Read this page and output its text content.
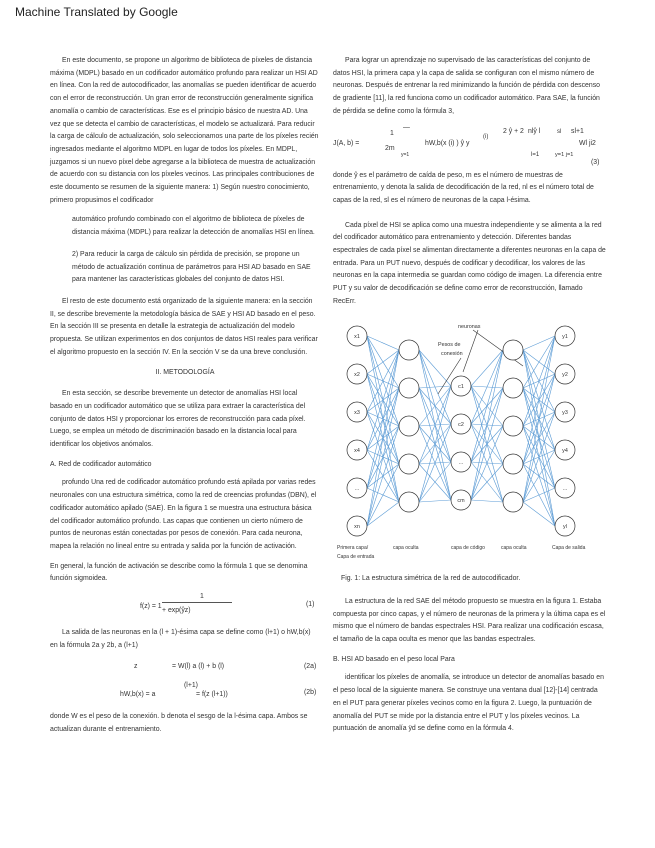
Machine Translated by Google

En este documento, se propone un algoritmo de biblioteca de píxeles de distancia máxima (MDPL) basado en un codificador automático profundo para realizar un HSI AD en línea. Con la red de autocodificador, las anomalías se pueden identificar de acuerdo con el error de reconstrucción. Un gran error de reconstrucción generalmente significa anomalía o cambio de características. Ese es el principio básico de nuestra AD. Una vez que se detecta el cambio de características, el modelo se actualizará. Para reducir la carga de cálculo de actualización, solo seleccionamos una parte de los píxeles recién ingresados mediante el algoritmo MDPL en lugar de todos los píxeles. En MDPL, juzgamos si un nuevo píxel debe agregarse a la biblioteca de muestra de actualización de acuerdo con su distancia con los píxeles vecinos. Las principales contribuciones de este documento se resumen de la siguiente manera: 1) Según nuestro conocimiento, primero propusimos el codificador

automático profundo combinado con el algoritmo de biblioteca de píxeles de distancia máxima (MDPL) para realizar la detección de anomalías HSI en línea.

2) Para reducir la carga de cálculo sin pérdida de precisión, se propone un método de actualización continua de parámetros para HSI AD basado en SAE para mantener las características globales del conjunto de datos HSI.

El resto de este documento está organizado de la siguiente manera: en la sección II, se describe brevemente la metodología básica de SAE y HSI AD basado en el peso. En la sección III se presenta en detalle la estrategia de actualización del modelo propuesta. Se utilizan experimentos en dos conjuntos de datos HSI reales para verificar el algoritmo propuesto en la sección IV. En la sección V se da una breve conclusión.

II. METODOLOGÍA

En esta sección, se describe brevemente un detector de anomalías HSI local basado en un codificador automático que se utiliza para extraer la característica del conjunto de datos HSI y proporcionar los errores de reconstrucción para cada píxel. Luego, se emplea un método de discriminación basado en la distancia local para identificar los objetivos anómalos.

A. Red de codificador automático

profundo Una red de codificador automático profundo está apilada por varias redes neuronales con una estructura simétrica, como la red de creencias profundas (DBN), el codificador automático apilado (SAE). En la figura 1 se muestra una estructura básica del codificador automático profundo. Las capas que contienen un cierto número de puntos de neuronas están conectadas por pesos de conexión. Para cada neurona, mapea la relación no lineal entre su entrada y salida por la función de activación.

En general, la función de activación se describe como la fórmula 1 que se denomina función sigmoidea.

f(z) = 1
1
+ exp(ŷz)
(1)

La salida de las neuronas en la (l + 1)-ésima capa se define como (l+1) o hW,b(x) en la fórmula 2a y 2b, a (l+1)

z	= W(l) a (l) + b (l)	(2a)
hW,b(x) = a
(l+1)
= f(z (l+1))	(2b)

donde W es el peso de la conexión. b denota el sesgo de la l-ésima capa. Ambos se actualizan durante el entrenamiento.

Para lograr un aprendizaje no supervisado de las características del conjunto de datos HSI, la primera capa y la capa de salida se configuran con el mismo número de neuronas. Después de entrenar la red minimizando la función de pérdida con descenso de gradiente [11], la red funciona como un codificador automático. Para SAE, la función de pérdida se define como la fórmula 3,

J(A, b) =
1
—
2m
y=1
hW,b(x (i) ) ŷ y
(i)
2 ŷ + 2 nlŷ l	sl sl+1
l=1	y=1 j=1
Wl ji2
(3)

donde ŷ es el parámetro de caída de peso, m es el número de muestras de entrenamiento, y denota la salida de decodificación de la red, nl es el número total de capas de la red, sl es el número de neuronas de la capa l-ésima.

Cada píxel de HSI se aplica como una muestra independiente y se alimenta a la red del codificador automático para entrenamiento y detección. Diferentes bandas espectrales de cada píxel se alimentan directamente a diferentes neuronas en la capa de entrada. Para un PUT nuevo, después de codificar y decodificar, los valores de las neuronas en la capa intermedia se guardan como código de imagen. La diferencia entre PUT y su valor de decodificación se define como error de reconstrucción, llamado RecErr.

x1
x2
x3
x4
...
xn
c1
c2
...
cm
y1
y2
y3
y4
...
yl
neuronas
Pesos de
conexión
Primera capa/
Capa de entrada
capa oculta	capa de código	capa oculta	Capa de salida
Fig. 1: La estructura simétrica de la red de autocodificador.

La estructura de la red SAE del método propuesto se muestra en la figura 1. Estaba compuesta por cinco capas, y el número de neuronas de la primera y la última capa es el mismo que el número de bandas espectrales HSI. Para realizar una codificación escasa, el tamaño de la capa oculta es menor que las bandas espectrales.

B. HSI AD basado en el peso local Para

identificar los píxeles de anomalía, se introduce un detector de anomalías basado en el peso local de la siguiente manera. Se construye una ventana dual [12]-[14] centrada en el PUT para generar píxeles vecinos como en la figura 2. Luego, la puntuación de anomalía del PUT se mide por la distancia entre el PUT y los píxeles vecinos. La puntuación de anomalía ÿd se define como en la fórmula 4.
